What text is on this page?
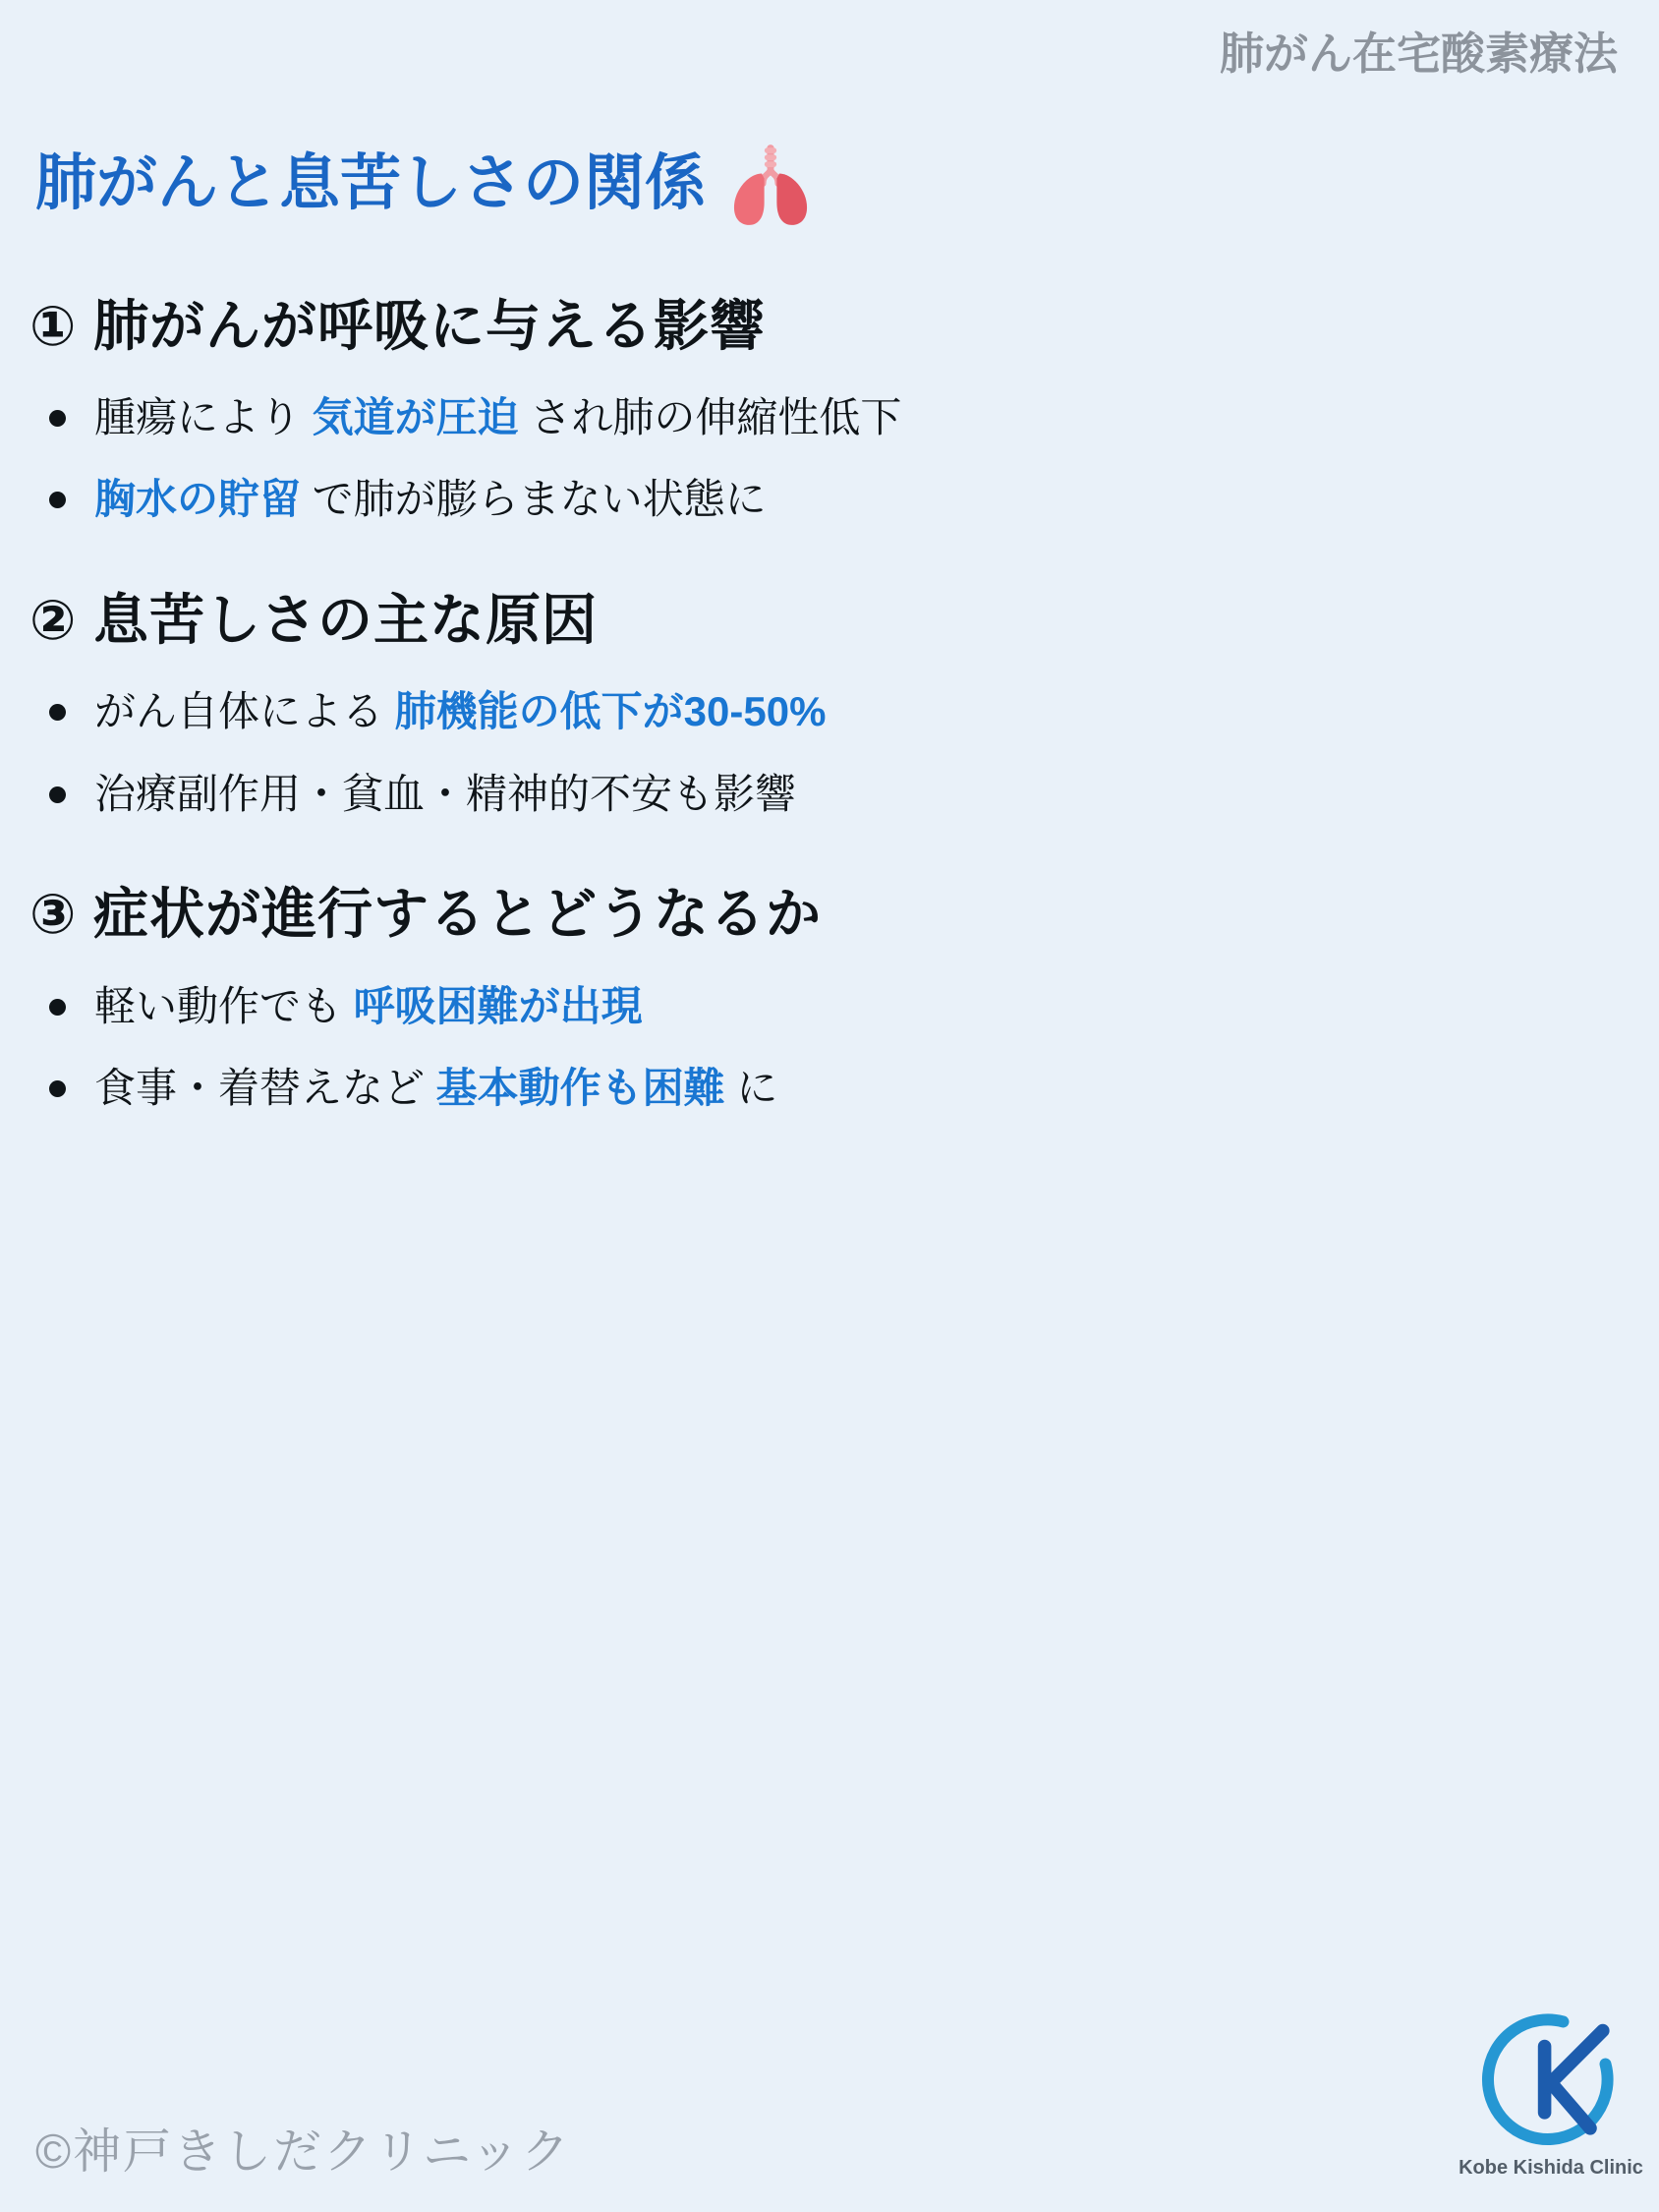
肺がん在宅酸素療法
肺がんと息苦しさの関係
① 肺がんが呼吸に与える影響
腫瘍により 気道が圧迫 され肺の伸縮性低下
胸水の貯留 で肺が膨らまない状態に
② 息苦しさの主な原因
がん自体による 肺機能の低下が30-50%
治療副作用・貧血・精神的不安も影響
③ 症状が進行するとどうなるか
軽い動作でも 呼吸困難が出現
食事・着替えなど 基本動作も困難 に
©神戸きしだクリニック	Kobe Kishida Clinic
